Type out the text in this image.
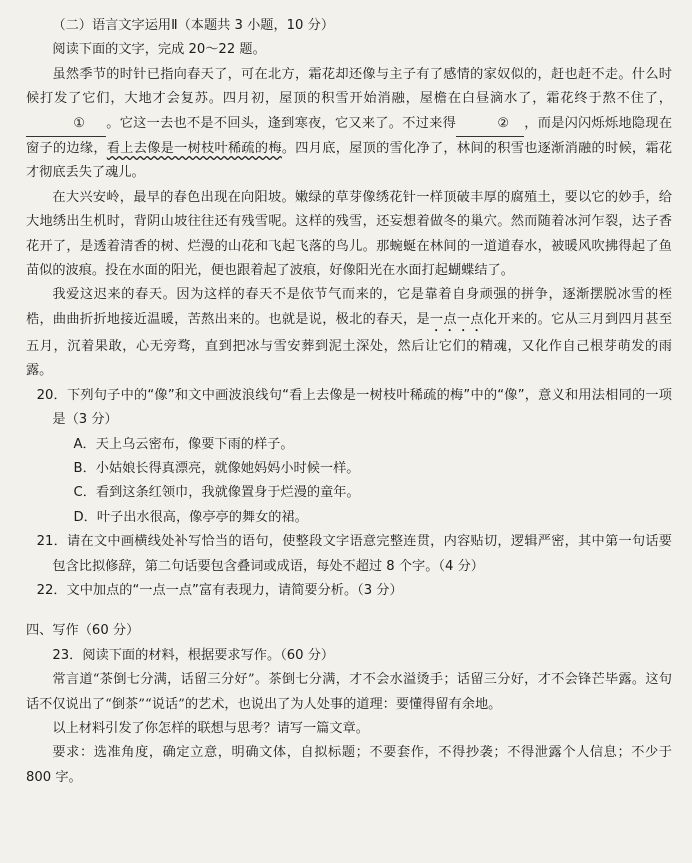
（二）语言文字运用Ⅱ（本题共 3 小题，10 分）

阅读下面的文字，完成 20～22 题。

虽然季节的时针已指向春天了，可在北方，霜花却还像与主子有了感情的家奴似的，赶也赶不走。什么时候打发了它们，大地才会复苏。四月初，屋顶的积雪开始消融，屋檐在白昼滴水了，霜花终于熬不住了，① 。它这一去也不是不回头，逢到寒夜，它又来了。不过来得	② ，而是闪闪烁烁地隐现在窗子的边缘，看上去像是一树枝叶稀疏的梅。四月底，屋顶的雪化净了，林间的积雪也逐渐消融的时候，霜花才彻底丢失了魂儿。

在大兴安岭，最早的春色出现在向阳坡。嫩绿的草芽像绣花针一样顶破丰厚的腐殖土，要以它的妙手，给大地绣出生机时，背阴山坡往往还有残雪呢。这样的残雪，还妄想着做冬的巢穴。然而随着冰河乍裂，达子香花开了，是透着清香的树、烂漫的山花和飞起飞落的鸟儿。那蜿蜒在林间的一道道春水，被暖风吹拂得起了鱼苗似的波痕。投在水面的阳光，便也跟着起了波痕，好像阳光在水面打起蝴蝶结了。

我爱这迟来的春天。因为这样的春天不是依节气而来的，它是靠着自身顽强的拼争，逐渐摆脱冰雪的桎梏，曲曲折折地接近温暖，苦熬出来的。也就是说，极北的春天，是一点一点化开来的。它从三月到四月甚至五月，沉着果敢，心无旁骛，直到把冰与雪安葬到泥土深处，然后让它们的精魂，又化作自己根芽萌发的雨露。

20．下列句子中的“像”和文中画波浪线句“看上去像是一树枝叶稀疏的梅”中的“像”，意义和用法相同的一项是（3 分）

A．天上乌云密布，像要下雨的样子。

B．小姑娘长得真漂亮，就像她妈妈小时候一样。

C．看到这条红领巾，我就像置身于烂漫的童年。

D．叶子出水很高，像亭亭的舞女的裙。

21．请在文中画横线处补写恰当的语句，使整段文字语意完整连贯，内容贴切，逻辑严密，其中第一句话要包含比拟修辞，第二句话要包含叠词或成语，每处不超过 8 个字。（4 分）

22．文中加点的“一点一点”富有表现力，请简要分析。（3 分）

四、写作（60 分）

23．阅读下面的材料，根据要求写作。（60 分）

常言道“茶倒七分满，话留三分好”。茶倒七分满，才不会水溢烫手；话留三分好，才不会锋芒毕露。这句话不仅说出了“倒茶”“说话”的艺术，也说出了为人处事的道理：要懂得留有余地。

以上材料引发了你怎样的联想与思考？请写一篇文章。

要求：选准角度，确定立意，明确文体，自拟标题；不要套作，不得抄袭；不得泄露个人信息；不少于 800 字。
